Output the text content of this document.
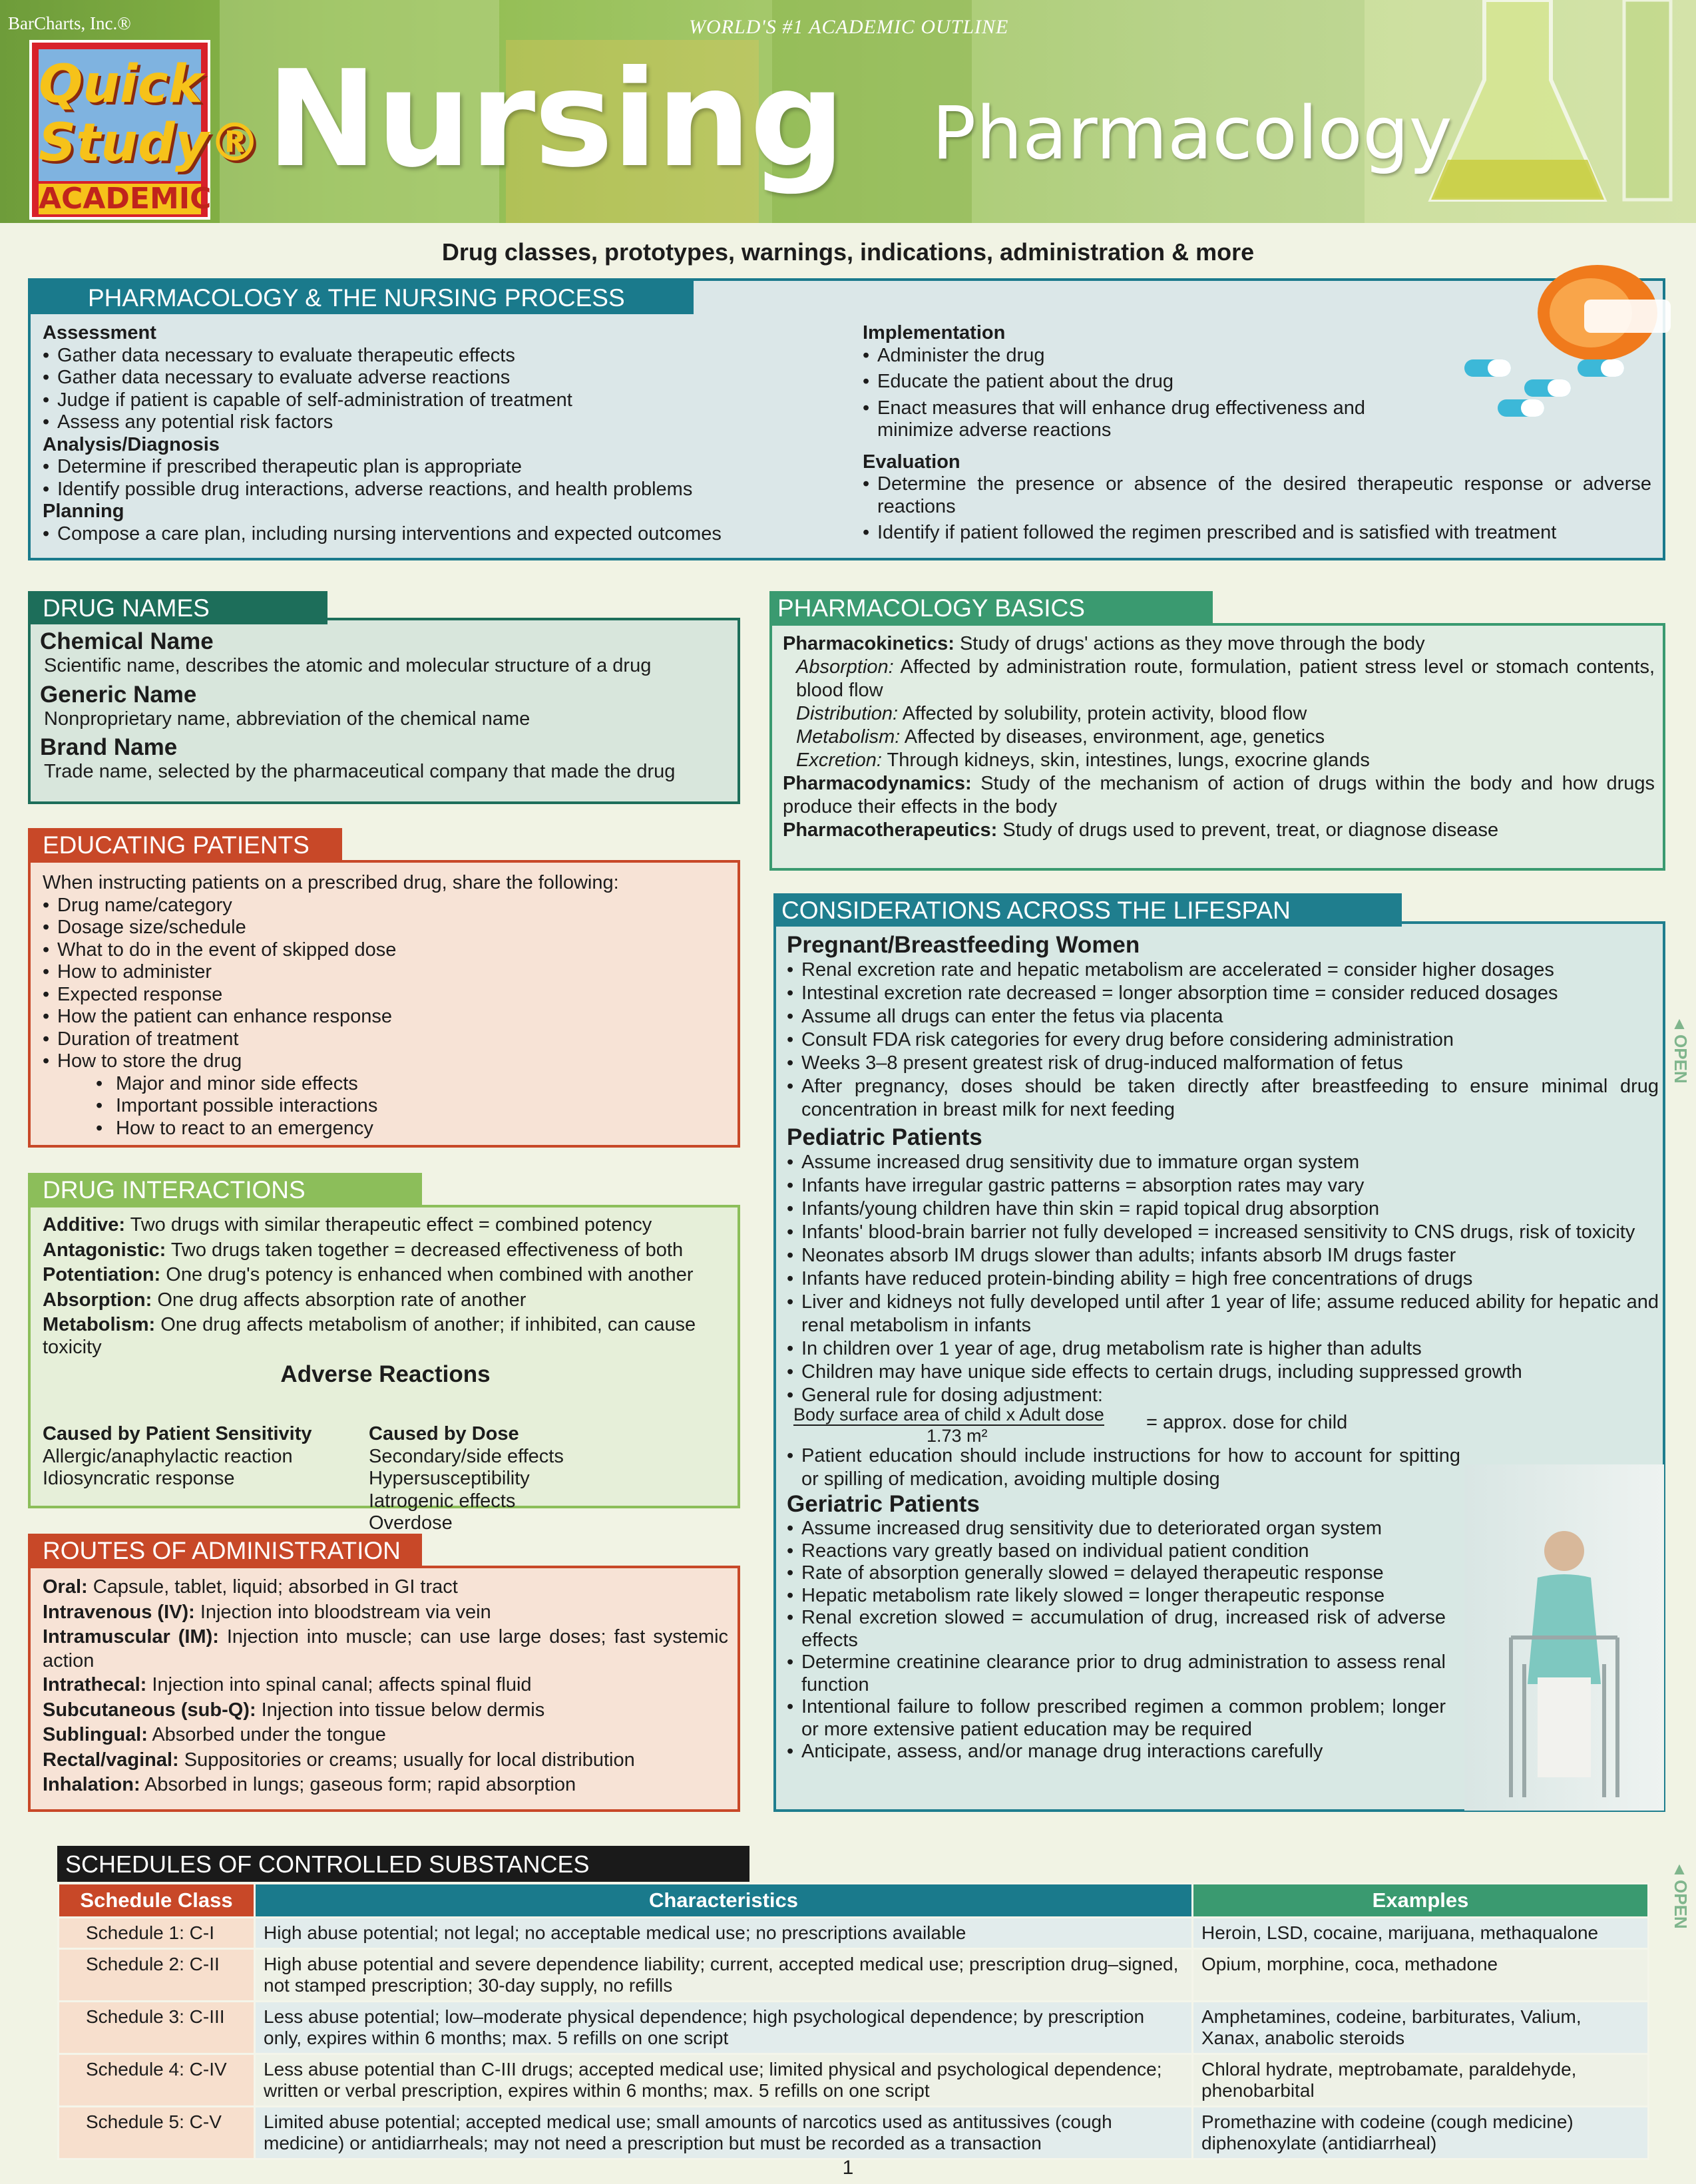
BarCharts, Inc.®	WORLD'S #1 ACADEMIC OUTLINE
Quick
Study®
ACADEMIC
Nursing Pharmacology
Drug classes, prototypes, warnings, indications, administration & more
PHARMACOLOGY & THE NURSING PROCESS
Assessment
• Gather data necessary to evaluate therapeutic effects
• Gather data necessary to evaluate adverse reactions
• Judge if patient is capable of self-administration of treatment
• Assess any potential risk factors
Analysis/Diagnosis
• Determine if prescribed therapeutic plan is appropriate
• Identify possible drug interactions, adverse reactions, and health problems
Planning
• Compose a care plan, including nursing interventions and expected outcomes
Implementation
• Administer the drug
• Educate the patient about the drug
• Enact measures that will enhance drug effectiveness and minimize adverse reactions
Evaluation
• Determine the presence or absence of the desired therapeutic response or adverse reactions
• Identify if patient followed the regimen prescribed and is satisfied with treatment
DRUG NAMES
Chemical Name
Scientific name, describes the atomic and molecular structure of a drug
Generic Name
Nonproprietary name, abbreviation of the chemical name
Brand Name
Trade name, selected by the pharmaceutical company that made the drug
EDUCATING PATIENTS
When instructing patients on a prescribed drug, share the following:
• Drug name/category
• Dosage size/schedule
• What to do in the event of skipped dose
• How to administer
• Expected response
• How the patient can enhance response
• Duration of treatment
• How to store the drug
• Major and minor side effects
• Important possible interactions
• How to react to an emergency
DRUG INTERACTIONS
Additive: Two drugs with similar therapeutic effect = combined potency
Antagonistic: Two drugs taken together = decreased effectiveness of both
Potentiation: One drug's potency is enhanced when combined with another
Absorption: One drug affects absorption rate of another
Metabolism: One drug affects metabolism of another; if inhibited, can cause toxicity
Adverse Reactions
Caused by Patient Sensitivity
Allergic/anaphylactic reaction
Idiosyncratic response
Caused by Dose
Secondary/side effects
Hypersusceptibility
Iatrogenic effects
Overdose
ROUTES OF ADMINISTRATION
Oral: Capsule, tablet, liquid; absorbed in GI tract
Intravenous (IV): Injection into bloodstream via vein
Intramuscular (IM): Injection into muscle; can use large doses; fast systemic action
Intrathecal: Injection into spinal canal; affects spinal fluid
Subcutaneous (sub-Q): Injection into tissue below dermis
Sublingual: Absorbed under the tongue
Rectal/vaginal: Suppositories or creams; usually for local distribution
Inhalation: Absorbed in lungs; gaseous form; rapid absorption
PHARMACOLOGY BASICS
Pharmacokinetics: Study of drugs' actions as they move through the body
Absorption: Affected by administration route, formulation, patient stress level or stomach contents, blood flow
Distribution: Affected by solubility, protein activity, blood flow
Metabolism: Affected by diseases, environment, age, genetics
Excretion: Through kidneys, skin, intestines, lungs, exocrine glands
Pharmacodynamics: Study of the mechanism of action of drugs within the body and how drugs produce their effects in the body
Pharmacotherapeutics: Study of drugs used to prevent, treat, or diagnose disease
CONSIDERATIONS ACROSS THE LIFESPAN
Pregnant/Breastfeeding Women
• Renal excretion rate and hepatic metabolism are accelerated = consider higher dosages
• Intestinal excretion rate decreased = longer absorption time = consider reduced dosages
• Assume all drugs can enter the fetus via placenta
• Consult FDA risk categories for every drug before considering administration
• Weeks 3–8 present greatest risk of drug-induced malformation of fetus
• After pregnancy, doses should be taken directly after breastfeeding to ensure minimal drug concentration in breast milk for next feeding
Pediatric Patients
• Assume increased drug sensitivity due to immature organ system
• Infants have irregular gastric patterns = absorption rates may vary
• Infants/young children have thin skin = rapid topical drug absorption
• Infants' blood-brain barrier not fully developed = increased sensitivity to CNS drugs, risk of toxicity
• Neonates absorb IM drugs slower than adults; infants absorb IM drugs faster
• Infants have reduced protein-binding ability = high free concentrations of drugs
• Liver and kidneys not fully developed until after 1 year of life; assume reduced ability for hepatic and renal metabolism in infants
• In children over 1 year of age, drug metabolism rate is higher than adults
• Children may have unique side effects to certain drugs, including suppressed growth
• General rule for dosing adjustment:
Body surface area of child x Adult dose
1.73 m²
= approx. dose for child
• Patient education should include instructions for how to account for spitting or spilling of medication, avoiding multiple dosing
Geriatric Patients
• Assume increased drug sensitivity due to deteriorated organ system
• Reactions vary greatly based on individual patient condition
• Rate of absorption generally slowed = delayed therapeutic response
• Hepatic metabolism rate likely slowed = longer therapeutic response
• Renal excretion slowed = accumulation of drug, increased risk of adverse effects
• Determine creatinine clearance prior to drug administration to assess renal function
• Intentional failure to follow prescribed regimen a common problem; longer or more extensive patient education may be required
• Anticipate, assess, and/or manage drug interactions carefully
▲
OPEN
▲
OPEN
SCHEDULES OF CONTROLLED SUBSTANCES
Schedule Class	Characteristics	Examples
Schedule 1: C-I	High abuse potential; not legal; no acceptable medical use; no prescriptions available	Heroin, LSD, cocaine, marijuana, methaqualone
Schedule 2: C-II	High abuse potential and severe dependence liability; current, accepted medical use; prescription drug–signed, not stamped prescription; 30-day supply, no refills	Opium, morphine, coca, methadone
Schedule 3: C-III	Less abuse potential; low–moderate physical dependence; high psychological dependence; by prescription only, expires within 6 months; max. 5 refills on one script	Amphetamines, codeine, barbiturates, Valium, Xanax, anabolic steroids
Schedule 4: C-IV	Less abuse potential than C-III drugs; accepted medical use; limited physical and psychological dependence; written or verbal prescription, expires within 6 months; max. 5 refills on one script	Chloral hydrate, meptrobamate, paraldehyde, phenobarbital
Schedule 5: C-V	Limited abuse potential; accepted medical use; small amounts of narcotics used as antitussives (cough medicine) or antidiarrheals; may not need a prescription but must be recorded as a transaction	Promethazine with codeine (cough medicine) diphenoxylate (antidiarrheal)
1
